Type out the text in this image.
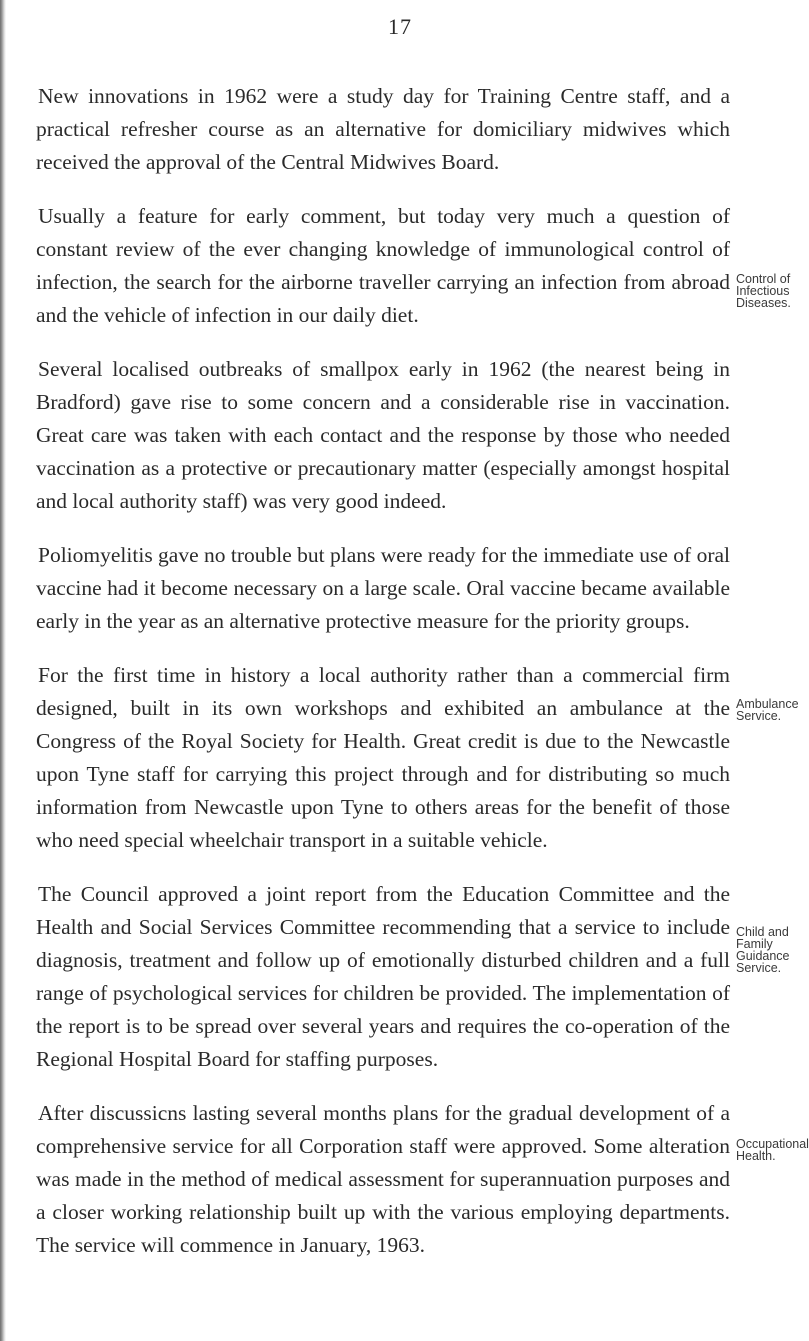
17

New innovations in 1962 were a study day for Training Centre staff, and a practical refresher course as an alternative for domiciliary midwives which received the approval of the Central Midwives Board.

Usually a feature for early comment, but today very much a question of constant review of the ever changing knowledge of immunological control of infection, the search for the airborne traveller carrying an infection from abroad and the vehicle of infection in our daily diet.

Several localised outbreaks of smallpox early in 1962 (the nearest being in Bradford) gave rise to some concern and a considerable rise in vaccination. Great care was taken with each contact and the response by those who needed vaccination as a protective or precautionary matter (especially amongst hospital and local authority staff) was very good indeed.

Poliomyelitis gave no trouble but plans were ready for the immediate use of oral vaccine had it become necessary on a large scale. Oral vaccine became available early in the year as an alternative protective measure for the priority groups.

For the first time in history a local authority rather than a commercial firm designed, built in its own workshops and exhibited an ambulance at the Congress of the Royal Society for Health. Great credit is due to the Newcastle upon Tyne staff for carrying this project through and for distributing so much information from Newcastle upon Tyne to others areas for the benefit of those who need special wheelchair transport in a suitable vehicle.

The Council approved a joint report from the Education Committee and the Health and Social Services Committee recommending that a service to include diagnosis, treatment and follow up of emotionally disturbed children and a full range of psychological services for children be provided. The implementation of the report is to be spread over several years and requires the co-operation of the Regional Hospital Board for staffing purposes.

After discussicns lasting several months plans for the gradual development of a comprehensive service for all Corporation staff were approved. Some alteration was made in the method of medical assessment for superannuation purposes and a closer working relationship built up with the various employing departments. The service will commence in January, 1963.

Control of
Infectious
Diseases.
Ambulance
Service.
Child and
Family
Guidance
Service.
Occupational
Health.
